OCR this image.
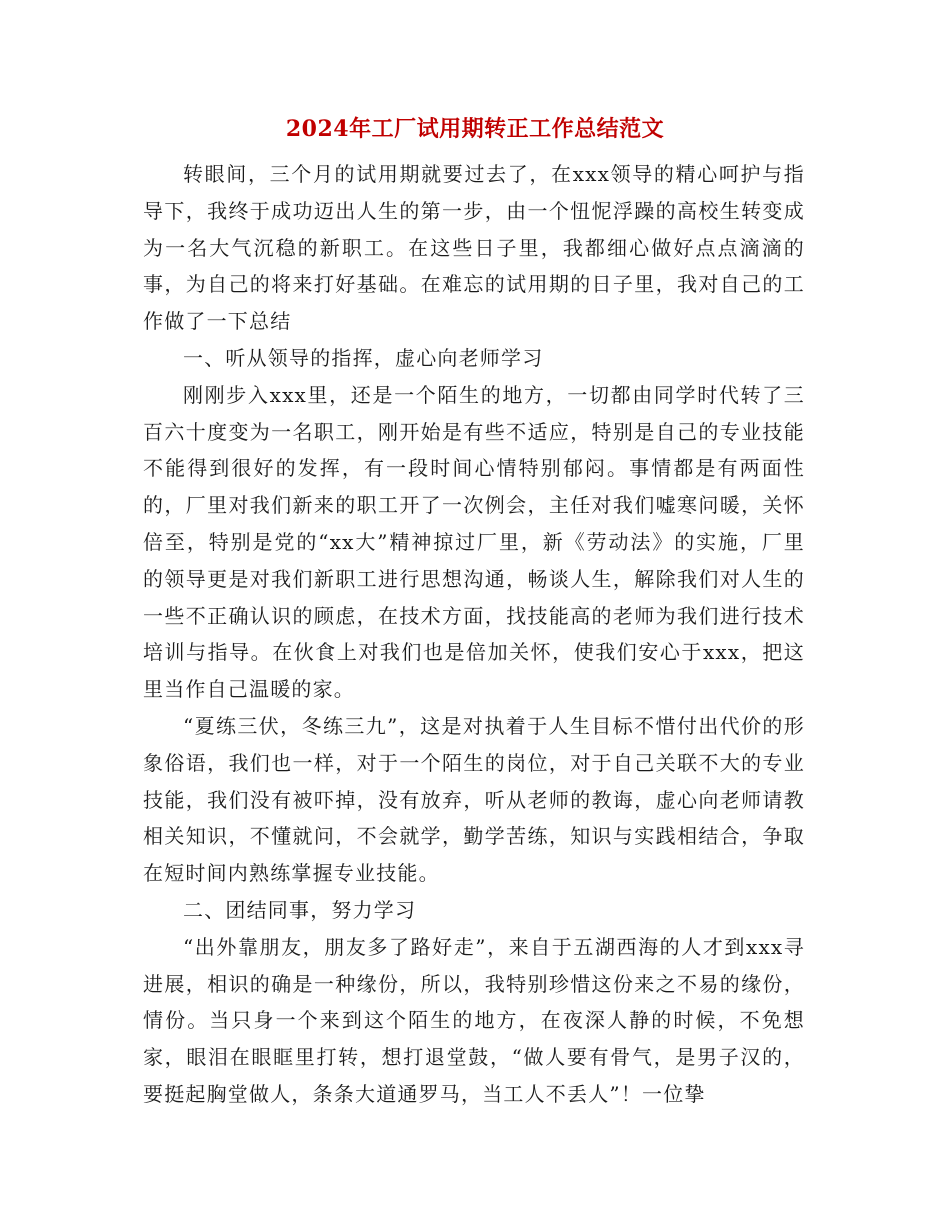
2024年工厂试用期转正工作总结范文

转眼间，三个月的试用期就要过去了，在xxx领导的精心呵护与指导下，我终于成功迈出人生的第一步，由一个忸怩浮躁的高校生转变成为一名大气沉稳的新职工。在这些日子里，我都细心做好点点滴滴的事，为自己的将来打好基础。在难忘的试用期的日子里，我对自己的工作做了一下总结

一、听从领导的指挥，虚心向老师学习

刚刚步入xxx里，还是一个陌生的地方，一切都由同学时代转了三百六十度变为一名职工，刚开始是有些不适应，特别是自己的专业技能不能得到很好的发挥，有一段时间心情特别郁闷。事情都是有两面性的，厂里对我们新来的职工开了一次例会，主任对我们嘘寒问暖，关怀倍至，特别是党的“xx大”精神掠过厂里，新《劳动法》的实施，厂里的领导更是对我们新职工进行思想沟通，畅谈人生，解除我们对人生的一些不正确认识的顾虑，在技术方面，找技能高的老师为我们进行技术培训与指导。在伙食上对我们也是倍加关怀，使我们安心于xxx，把这里当作自己温暖的家。

“夏练三伏，冬练三九”，这是对执着于人生目标不惜付出代价的形象俗语，我们也一样，对于一个陌生的岗位，对于自己关联不大的专业技能，我们没有被吓掉，没有放弃，听从老师的教诲，虚心向老师请教相关知识，不懂就问，不会就学，勤学苦练，知识与实践相结合，争取在短时间内熟练掌握专业技能。

二、团结同事，努力学习

“出外靠朋友，朋友多了路好走”，来自于五湖西海的人才到xxx寻进展，相识的确是一种缘份，所以，我特别珍惜这份来之不易的缘份，情份。当只身一个来到这个陌生的地方，在夜深人静的时候，不免想家，眼泪在眼眶里打转，想打退堂鼓，“做人要有骨气，是男子汉的，要挺起胸堂做人，条条大道通罗马，当工人不丢人”！一位挚
